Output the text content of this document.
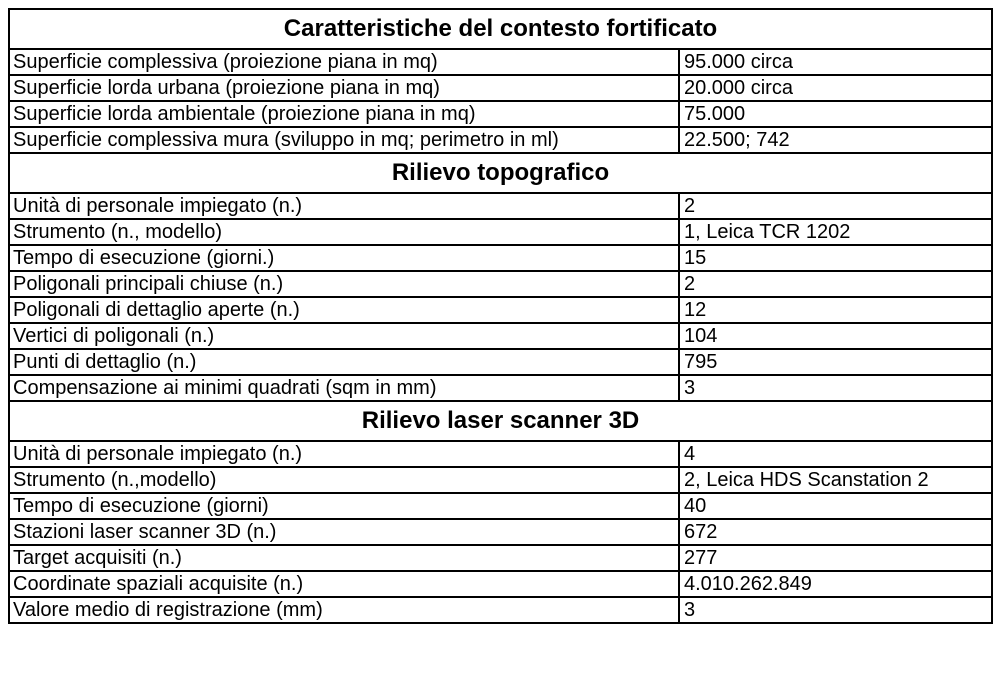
Caratteristiche del contesto fortificato	
Superficie complessiva (proiezione piana in mq)	95.000 circa
Superficie lorda urbana (proiezione piana in mq)	20.000 circa
Superficie lorda ambientale (proiezione piana in mq)	75.000
Superficie complessiva mura (sviluppo in mq; perimetro in ml)	22.500; 742
Rilievo topografico	
Unità di personale impiegato (n.)	2
Strumento (n., modello)	1, Leica TCR 1202
Tempo di esecuzione (giorni.)	15
Poligonali principali chiuse (n.)	2
Poligonali di dettaglio aperte (n.)	12
Vertici di poligonali (n.)	104
Punti di dettaglio (n.)	795
Compensazione ai minimi quadrati (sqm in mm)	3
Rilievo laser scanner 3D	
Unità di personale impiegato (n.)	4
Strumento (n.,modello)	2, Leica HDS Scanstation 2
Tempo di esecuzione (giorni)	40
Stazioni laser scanner 3D (n.)	672
Target acquisiti (n.)	277
Coordinate spaziali acquisite (n.)	4.010.262.849
Valore medio di registrazione (mm)	3
